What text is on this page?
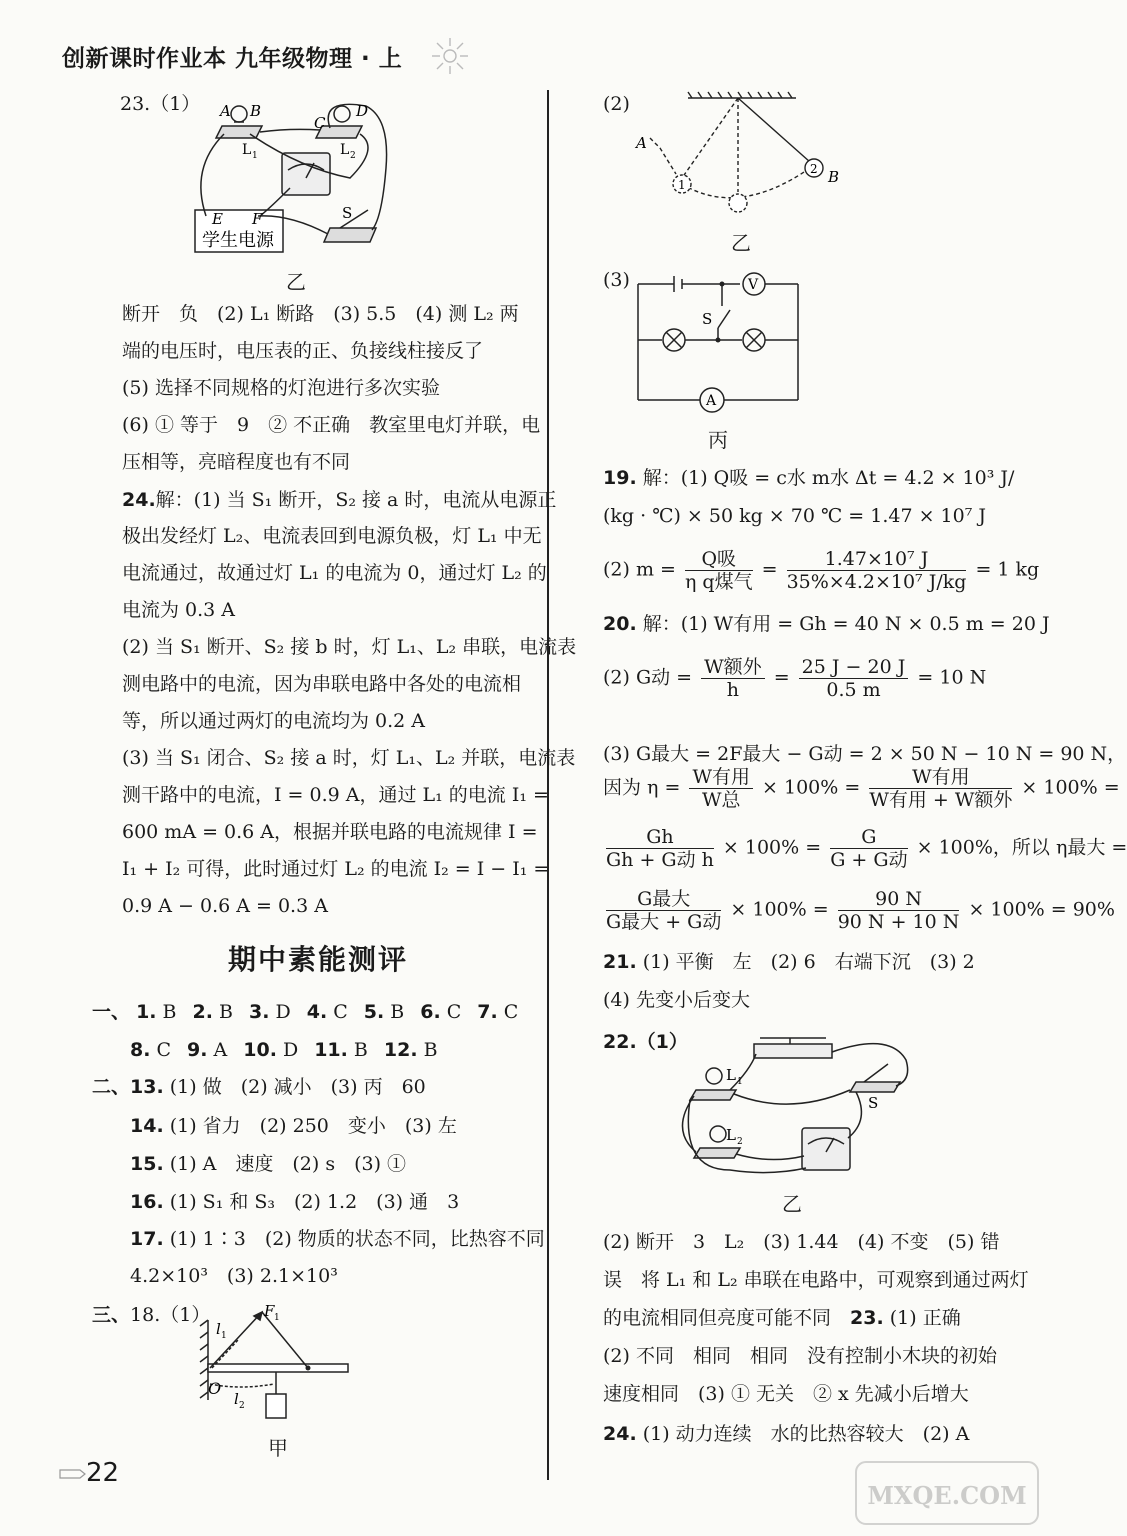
创新课时作业本 九年级物理 · 上
23.（1） A B
C
D
L 1	L 2
E F	S
学生电源
乙
断开　负　(2) L₁ 断路　(3) 5.5　(4) 测 L₂ 两
端的电压时，电压表的正、负接线柱接反了
(5) 选择不同规格的灯泡进行多次实验
(6) ① 等于　9　② 不正确　教室里电灯并联，电
压相等，亮暗程度也有不同
24.解：(1) 当 S₁ 断开，S₂ 接 a 时，电流从电源正
极出发经灯 L₂、电流表回到电源负极，灯 L₁ 中无
电流通过，故通过灯 L₁ 的电流为 0，通过灯 L₂ 的
电流为 0.3 A
(2) 当 S₁ 断开、S₂ 接 b 时，灯 L₁、L₂ 串联，电流表
测电路中的电流，因为串联电路中各处的电流相
等，所以通过两灯的电流均为 0.2 A
(3) 当 S₁ 闭合、S₂ 接 a 时，灯 L₁、L₂ 并联，电流表
测干路中的电流，I = 0.9 A，通过 L₁ 的电流 I₁ =
600 mA = 0.6 A，根据并联电路的电流规律 I =
I₁ + I₂ 可得，此时通过灯 L₂ 的电流 I₂ = I − I₁ =
0.9 A − 0.6 A = 0.3 A
期中素能测评
一、 1. B 2. B 3. D 4. C 5. B 6. C 7. C
8. C 9. A 10. D 11. B 12. B
二、13. (1) 做　(2) 减小　(3) 丙　60
14. (1) 省力　(2) 250　变小　(3) 左
15. (1) A　速度　(2) s　(3) ①
16. (1) S₁ 和 S₃　(2) 1.2　(3) 通　3
17. (1) 1∶3　(2) 物质的状态不同，比热容不同
4.2×10³　(3) 2.1×10³
三、18.（1）	F 1
l 1
O
l 2
甲
(2)
A
1
2 B
乙
(3)	V
S
A
丙
19. 解：(1) Q吸 = c水 m水 Δt = 4.2 × 10³ J/
(kg · ℃) × 50 kg × 70 ℃ = 1.47 × 10⁷ J
(2) $m = \frac{\text{Q吸}}{\text{η q煤气}} = \frac{\text{1.47×10⁷ J}}{\text{35\%×4.2×10⁷ J/kg}} = 1$ kg
20. 解：(1) W有用 = Gh = 40 N × 0.5 m = 20 J
(2) G动 = $\frac{\text{W额外}}{h} = \frac{25 J - 20 J}{0.5 m} = 10$ N
(3) G最大 = 2F最大 − G动 = 2 × 50 N − 10 N = 90 N，
因为 $\eta = \frac{\text{W有用}}{\text{W总}} \times 100\% = \frac{\text{W有用}}{\text{W有用 + W额外}} \times 100\%$ =
$\frac{Gh}{\text{Gh + G动 h}} \times 100\% = \frac{G}{\text{G + G动}} \times 100\%$，所以 η最大 =
$\frac{\text{G最大}}{\text{G最大 + G动}} \times 100\% = \frac{90 N}{90 N + 10 N} \times 100\% = 90\%$
21. (1) 平衡　左　(2) 6　右端下沉　(3) 2
(4) 先变小后变大
22.（1）
L 1
L 2
S
乙
(2) 断开　3　L₂　(3) 1.44　(4) 不变　(5) 错
误　将 L₁ 和 L₂ 串联在电路中，可观察到通过两灯
的电流相同但亮度可能不同　 23. (1) 正确
(2) 不同　相同　相同　没有控制小木块的初始
速度相同　(3) ① 无关　② x 先减小后增大
24. (1) 动力连续　水的比热容较大　(2) A
22
MXQE.COM
